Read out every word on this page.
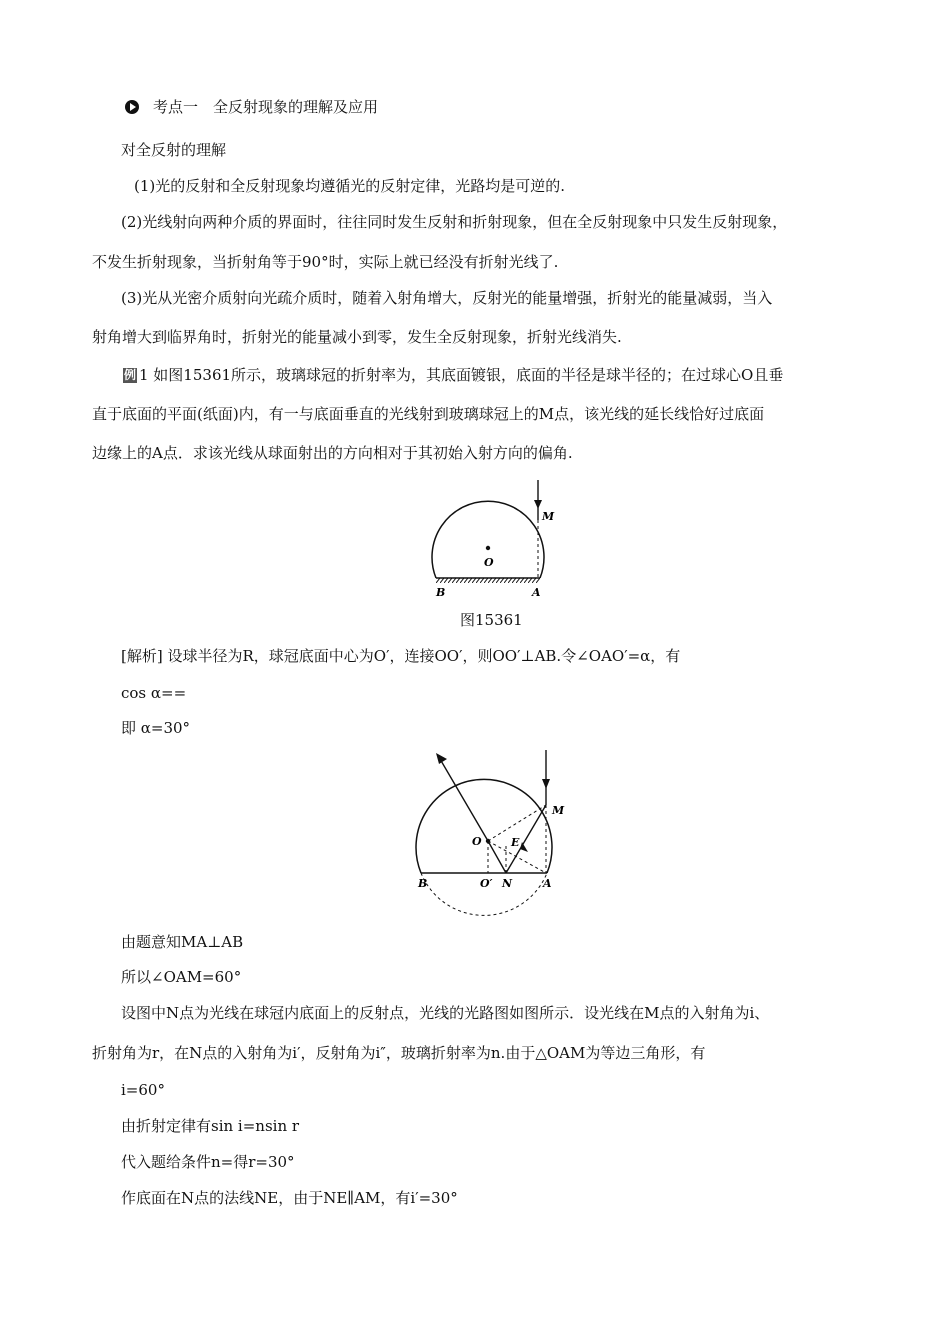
考点一　全反射现象的理解及应用
对全反射的理解
(1)光的反射和全反射现象均遵循光的反射定律，光路均是可逆的.
(2)光线射向两种介质的界面时，往往同时发生反射和折射现象，但在全反射现象中只发生反射现象，
不发生折射现象，当折射角等于90°时，实际上就已经没有折射光线了.
(3)光从光密介质射向光疏介质时，随着入射角增大，反射光的能量增强，折射光的能量减弱，当入
射角增大到临界角时，折射光的能量减小到零，发生全反射现象，折射光线消失.
例 1 如图15361所示，玻璃球冠的折射率为，其底面镀银，底面的半径是球半径的；在过球心O且垂
直于底面的平面(纸面)内，有一与底面垂直的光线射到玻璃球冠上的M点，该光线的延长线恰好过底面
边缘上的A点．求该光线从球面射出的方向相对于其初始入射方向的偏角.
M
O
B	A
图15361
[解析] 设球半径为R，球冠底面中心为O′，连接OO′，则OO′⊥AB.令∠OAO′=α，有
cos α==
即 α=30°
M
O	E
B	O′ N	A
由题意知MA⊥AB
所以∠OAM=60°
设图中N点为光线在球冠内底面上的反射点，光线的光路图如图所示．设光线在M点的入射角为i、
折射角为r，在N点的入射角为i′，反射角为i″，玻璃折射率为n.由于△OAM为等边三角形，有
i=60°
由折射定律有sin i=nsin r
代入题给条件n=得r=30°
作底面在N点的法线NE，由于NE∥AM，有i′=30°
